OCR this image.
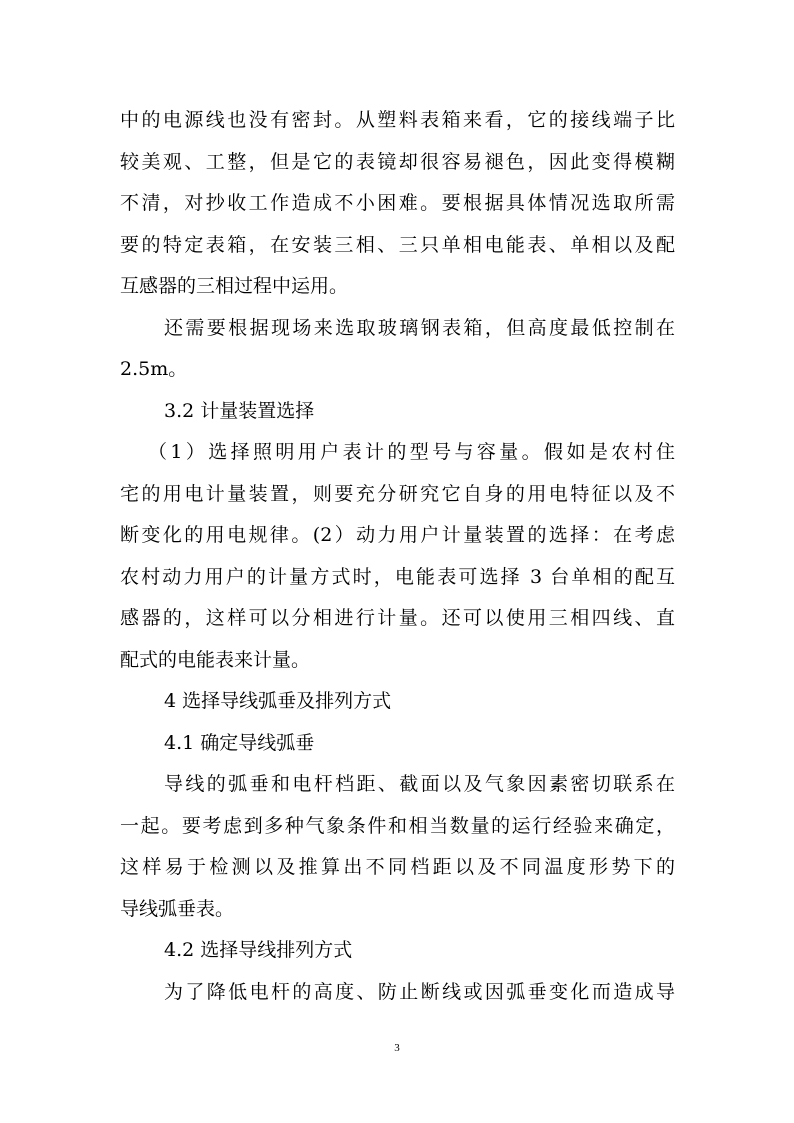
中的电源线也没有密封。从塑料表箱来看，它的接线端子比
较美观、工整，但是它的表镜却很容易褪色，因此变得模糊
不清，对抄收工作造成不小困难。要根据具体情况选取所需
要的特定表箱，在安装三相、三只单相电能表、单相以及配
互感器的三相过程中运用。
还需要根据现场来选取玻璃钢表箱，但高度最低控制在
2.5m。
3.2 计量装置选择
（1）选择照明用户表计的型号与容量。假如是农村住
宅的用电计量装置，则要充分研究它自身的用电特征以及不
断变化的用电规律。(2）动力用户计量装置的选择：在考虑
农村动力用户的计量方式时，电能表可选择 3 台单相的配互
感器的，这样可以分相进行计量。还可以使用三相四线、直
配式的电能表来计量。
4 选择导线弧垂及排列方式
4.1 确定导线弧垂
导线的弧垂和电杆档距、截面以及气象因素密切联系在
一起。要考虑到多种气象条件和相当数量的运行经验来确定，
这样易于检测以及推算出不同档距以及不同温度形势下的
导线弧垂表。
4.2 选择导线排列方式
为了降低电杆的高度、防止断线或因弧垂变化而造成导
3
